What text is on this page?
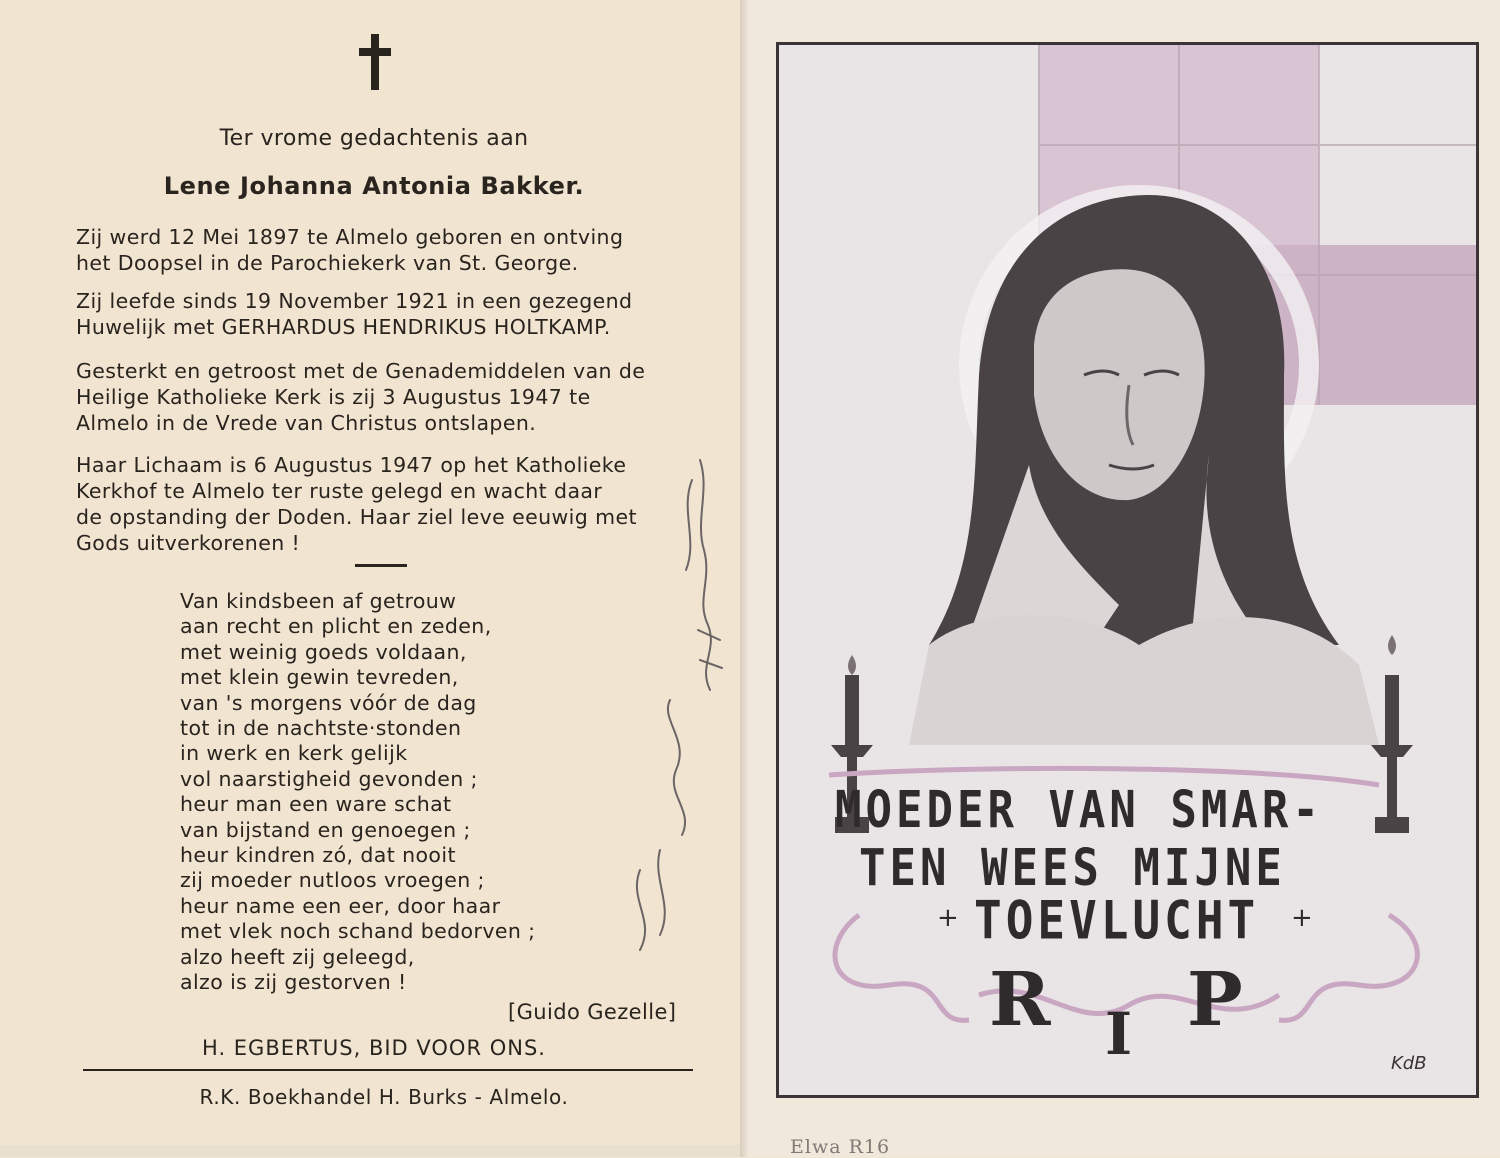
Ter vrome gedachtenis aan
Lene Johanna Antonia Bakker.
Zij werd 12 Mei 1897 te Almelo geboren en ontving
het Doopsel in de Parochiekerk van St. George.
Zij leefde sinds 19 November 1921 in een gezegend
Huwelijk met GERHARDUS HENDRIKUS HOLTKAMP.
Gesterkt en getroost met de Genademiddelen van de
Heilige Katholieke Kerk is zij 3 Augustus 1947 te
Almelo in de Vrede van Christus ontslapen.
Haar Lichaam is 6 Augustus 1947 op het Katholieke
Kerkhof te Almelo ter ruste gelegd en wacht daar
de opstanding der Doden. Haar ziel leve eeuwig met
Gods uitverkorenen !
Van kindsbeen af getrouw
aan recht en plicht en zeden,
met weinig goeds voldaan,
met klein gewin tevreden,
van 's morgens vóór de dag
tot in de nachtste·stonden
in werk en kerk gelijk
vol naarstigheid gevonden ;
heur man een ware schat
van bijstand en genoegen ;
heur kindren zó, dat nooit
zij moeder nutloos vroegen ;
heur name een eer, door haar
met vlek noch schand bedorven ;
alzo heeft zij geleegd,
alzo is zij gestorven !
[Guido Gezelle]
H. EGBERTUS, BID VOOR ONS.
R.K. Boekhandel H. Burks - Almelo.
MOEDER VAN SMAR-
TEN WEES MIJNE
TOEVLUCHT
+	+
R I P
KdB
Elwa R16
